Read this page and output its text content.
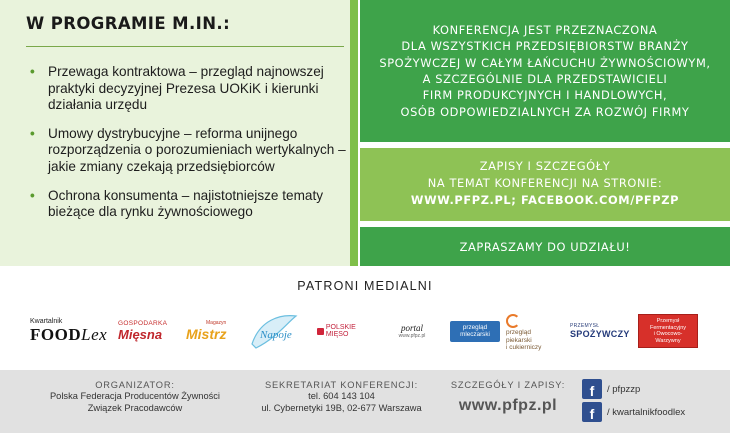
W PROGRAMIE M.IN.:
• Przewaga kontraktowa – przegląd najnowszej praktyki decyzyjnej Prezesa UOKiK i kierunki działania urzędu
• Umowy dystrybucyjne – reforma unijnego rozporządzenia o porozumieniach wertykalnych – jakie zmiany czekają przedsiębiorców
• Ochrona konsumenta – najistotniejsze tematy bieżące dla rynku żywnościowego
KONFERENCJA JEST PRZEZNACZONA
DLA WSZYSTKICH PRZEDSIĘBIORSTW BRANŻY
SPOŻYWCZEJ W CAŁYM ŁAŃCUCHU ŻYWNOŚCIOWYM,
A SZCZEGÓLNIE DLA PRZEDSTAWICIELI
FIRM PRODUKCYJNYCH I HANDLOWYCH,
OSÓB ODPOWIEDZIALNYCH ZA ROZWÓJ FIRMY
ZAPISY I SZCZEGÓŁY
NA TEMAT KONFERENCJI NA STRONIE:
WWW.PFPZ.PL; FACEBOOK.COM/PFPZP
ZAPRASZAMY DO UDZIAŁU!
PATRONI MEDIALNI
Kwartalnik
FOODLex
GOSPODARKA
Mięsna
Magazyn
Mistrz	Napoje
POLSKIE MIĘSO
portal
www.pfpz.pl
przegląd
mleczarski	przegląd
piekarski
i cukierniczy
PRZEMYSŁ
SPOŻYWCZY
Przemysł
Fermentacyjny
i Owocowo-Warzywny
ORGANIZATOR:
Polska Federacja Producentów Żywności
Związek Pracodawców
SEKRETARIAT KONFERENCJI:
tel. 604 143 104
ul. Cybernetyki 19B, 02-677 Warszawa
SZCZEGÓŁY I ZAPISY:
www.pfpz.pl
f	/ pfpzzp
f	/ kwartalnikfoodlex
